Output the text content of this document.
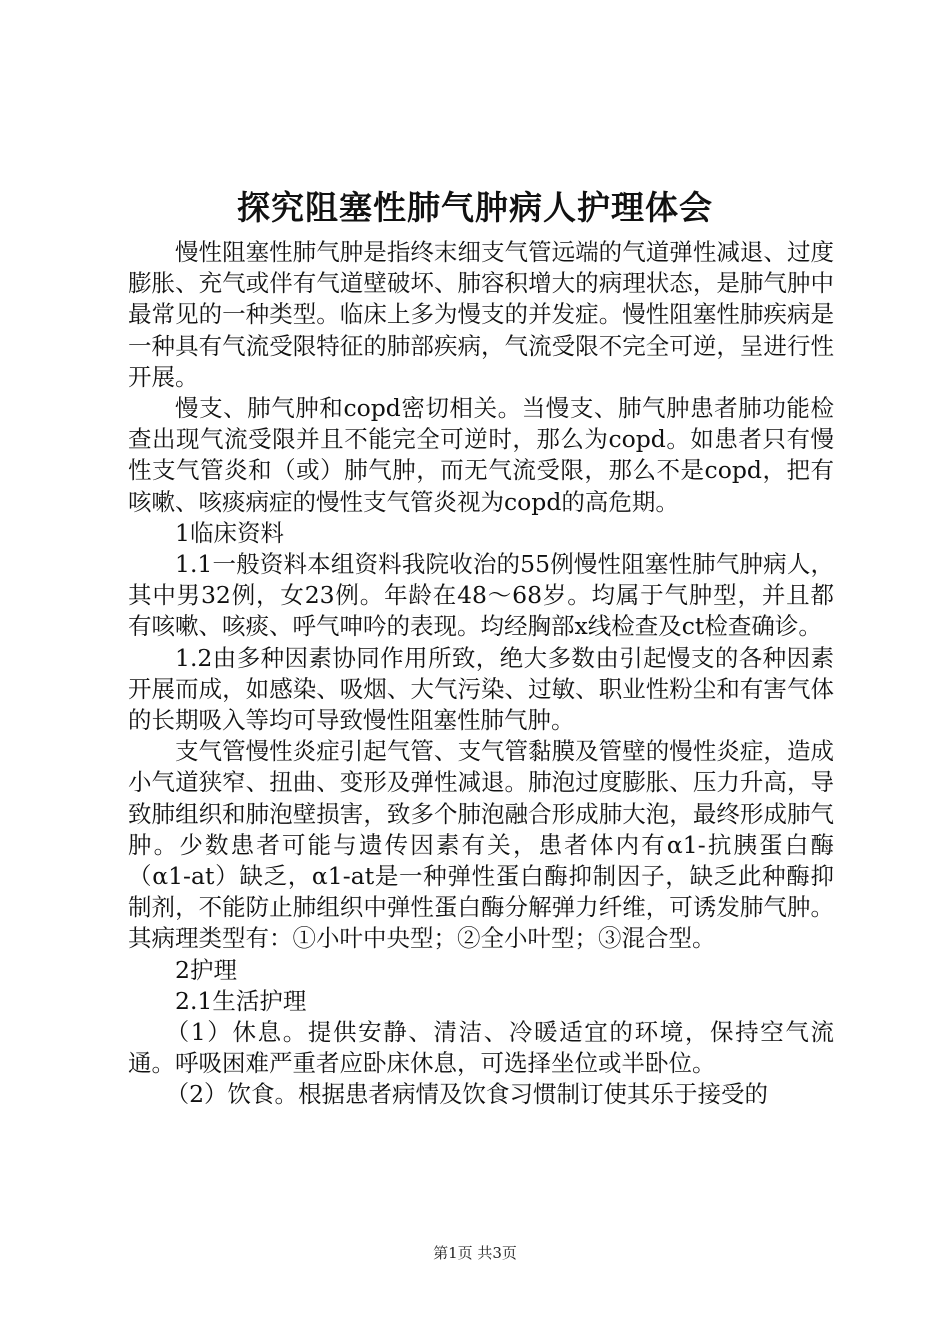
探究阻塞性肺气肿病人护理体会

慢性阻塞性肺气肿是指终末细支气管远端的气道弹性减退、过度膨胀、充气或伴有气道壁破坏、肺容积增大的病理状态，是肺气肿中最常见的一种类型。临床上多为慢支的并发症。慢性阻塞性肺疾病是一种具有气流受限特征的肺部疾病，气流受限不完全可逆，呈进行性开展。

慢支、肺气肿和copd密切相关。当慢支、肺气肿患者肺功能检查出现气流受限并且不能完全可逆时，那么为copd。如患者只有慢性支气管炎和（或）肺气肿，而无气流受限，那么不是copd，把有咳嗽、咳痰病症的慢性支气管炎视为copd的高危期。

1临床资料

1.1一般资料本组资料我院收治的55例慢性阻塞性肺气肿病人，其中男32例，女23例。年龄在48～68岁。均属于气肿型，并且都有咳嗽、咳痰、呼气呻吟的表现。均经胸部x线检查及ct检查确诊。

1.2由多种因素协同作用所致，绝大多数由引起慢支的各种因素开展而成，如感染、吸烟、大气污染、过敏、职业性粉尘和有害气体的长期吸入等均可导致慢性阻塞性肺气肿。

支气管慢性炎症引起气管、支气管黏膜及管壁的慢性炎症，造成小气道狭窄、扭曲、变形及弹性减退。肺泡过度膨胀、压力升高，导致肺组织和肺泡壁损害，致多个肺泡融合形成肺大泡，最终形成肺气肿。少数患者可能与遗传因素有关，患者体内有α1-抗胰蛋白酶（α1-at）缺乏，α1-at是一种弹性蛋白酶抑制因子，缺乏此种酶抑制剂，不能防止肺组织中弹性蛋白酶分解弹力纤维，可诱发肺气肿。其病理类型有：①小叶中央型；②全小叶型；③混合型。

2护理

2.1生活护理

（1）休息。提供安静、清洁、冷暖适宜的环境，保持空气流通。呼吸困难严重者应卧床休息，可选择坐位或半卧位。

（2）饮食。根据患者病情及饮食习惯制订使其乐于接受的

第1页 共3页
